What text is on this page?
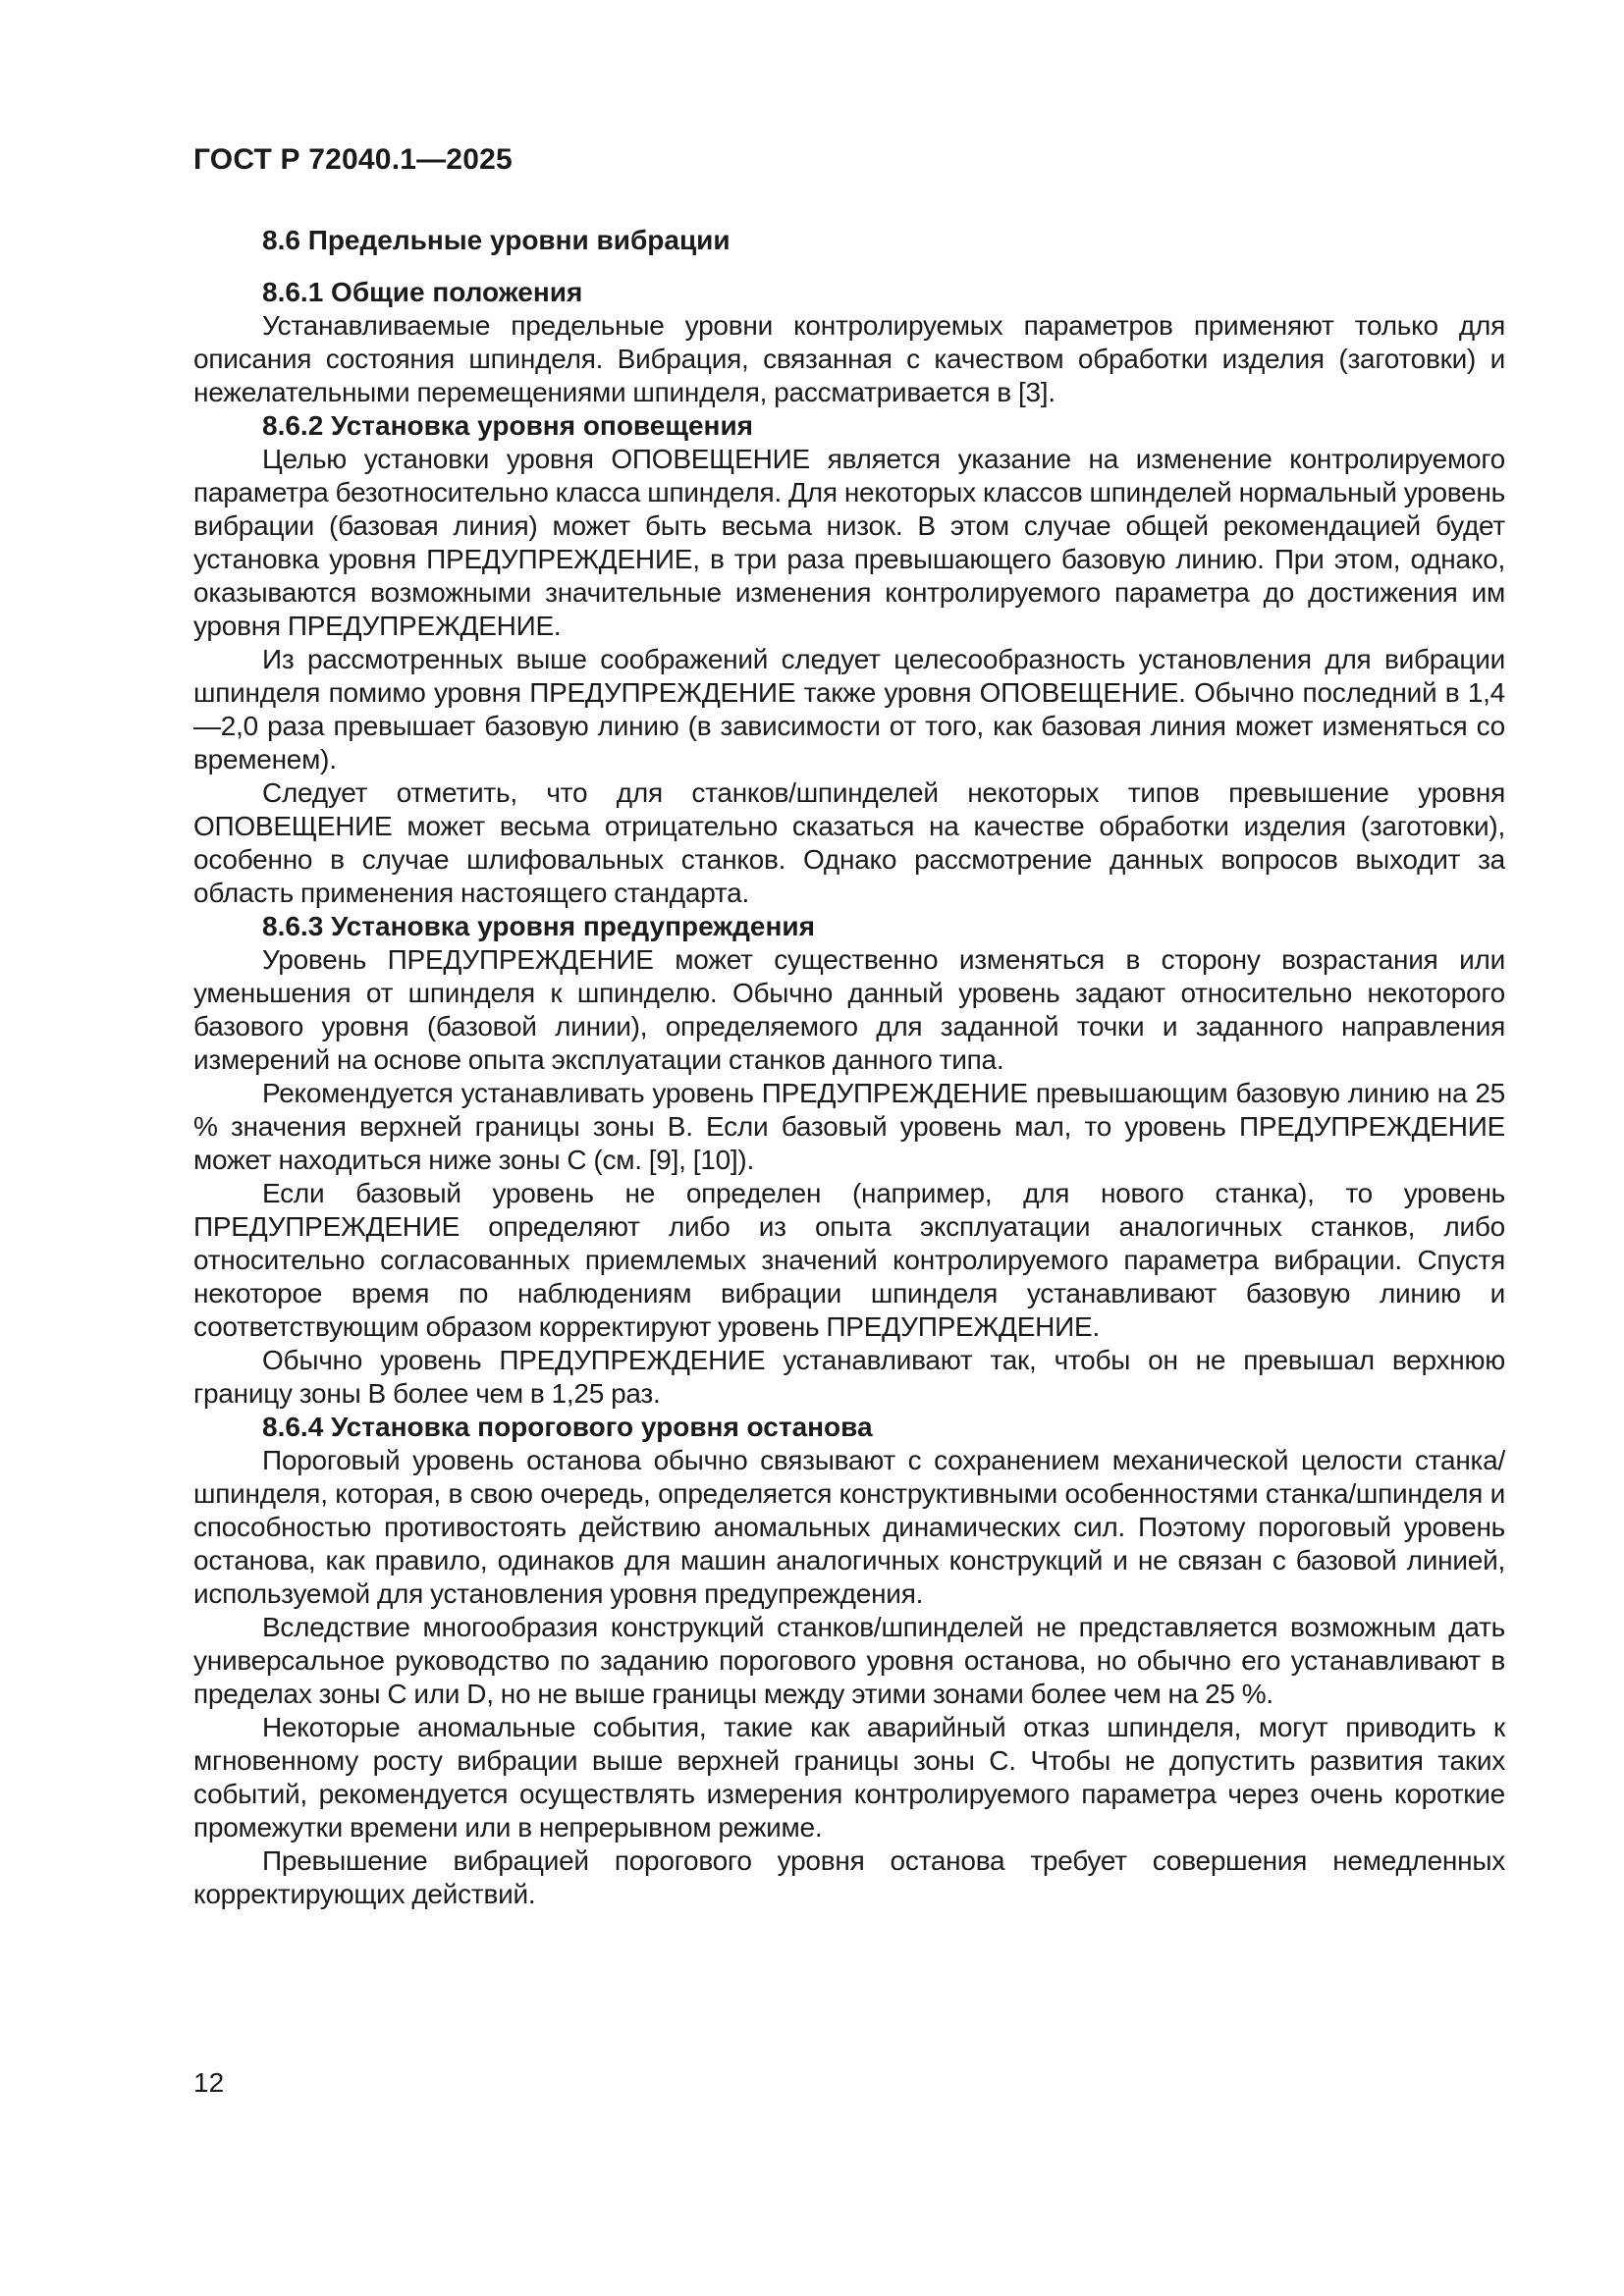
ГОСТ Р 72040.1—2025
8.6 Предельные уровни вибрации
8.6.1 Общие положения

Устанавливаемые предельные уровни контролируемых параметров применяют только для описания состояния шпинделя. Вибрация, связанная с качеством обработки изделия (заготовки) и нежелательными перемещениями шпинделя, рассматривается в [3].

8.6.2 Установка уровня оповещения

Целью установки уровня ОПОВЕЩЕНИЕ является указание на изменение контролируемого параметра безотносительно класса шпинделя. Для некоторых классов шпинделей нормальный уровень вибрации (базовая линия) может быть весьма низок. В этом случае общей рекомендацией будет установка уровня ПРЕДУПРЕЖДЕНИЕ, в три раза превышающего базовую линию. При этом, однако, оказываются возможными значительные изменения контролируемого параметра до достижения им уровня ПРЕДУПРЕЖДЕНИЕ.

Из рассмотренных выше соображений следует целесообразность установления для вибрации шпинделя помимо уровня ПРЕДУПРЕЖДЕНИЕ также уровня ОПОВЕЩЕНИЕ. Обычно последний в 1,4—2,0 раза превышает базовую линию (в зависимости от того, как базовая линия может изменяться со временем).

Следует отметить, что для станков/шпинделей некоторых типов превышение уровня ОПОВЕЩЕНИЕ может весьма отрицательно сказаться на качестве обработки изделия (заготовки), особенно в случае шлифовальных станков. Однако рассмотрение данных вопросов выходит за область применения настоящего стандарта.

8.6.3 Установка уровня предупреждения

Уровень ПРЕДУПРЕЖДЕНИЕ может существенно изменяться в сторону возрастания или уменьшения от шпинделя к шпинделю. Обычно данный уровень задают относительно некоторого базового уровня (базовой линии), определяемого для заданной точки и заданного направления измерений на основе опыта эксплуатации станков данного типа.

Рекомендуется устанавливать уровень ПРЕДУПРЕЖДЕНИЕ превышающим базовую линию на 25 % значения верхней границы зоны B. Если базовый уровень мал, то уровень ПРЕДУПРЕЖДЕНИЕ может находиться ниже зоны C (см. [9], [10]).

Если базовый уровень не определен (например, для нового станка), то уровень ПРЕДУПРЕЖДЕНИЕ определяют либо из опыта эксплуатации аналогичных станков, либо относительно согласованных приемлемых значений контролируемого параметра вибрации. Спустя некоторое время по наблюдениям вибрации шпинделя устанавливают базовую линию и соответствующим образом корректируют уровень ПРЕДУПРЕЖДЕНИЕ.

Обычно уровень ПРЕДУПРЕЖДЕНИЕ устанавливают так, чтобы он не превышал верхнюю границу зоны B более чем в 1,25 раз.

8.6.4 Установка порогового уровня останова

Пороговый уровень останова обычно связывают с сохранением механической целости станка/шпинделя, которая, в свою очередь, определяется конструктивными особенностями станка/шпинделя и способностью противостоять действию аномальных динамических сил. Поэтому пороговый уровень останова, как правило, одинаков для машин аналогичных конструкций и не связан с базовой линией, используемой для установления уровня предупреждения.

Вследствие многообразия конструкций станков/шпинделей не представляется возможным дать универсальное руководство по заданию порогового уровня останова, но обычно его устанавливают в пределах зоны C или D, но не выше границы между этими зонами более чем на 25 %.

Некоторые аномальные события, такие как аварийный отказ шпинделя, могут приводить к мгновенному росту вибрации выше верхней границы зоны C. Чтобы не допустить развития таких событий, рекомендуется осуществлять измерения контролируемого параметра через очень короткие промежутки времени или в непрерывном режиме.

Превышение вибрацией порогового уровня останова требует совершения немедленных корректирующих действий.

12
